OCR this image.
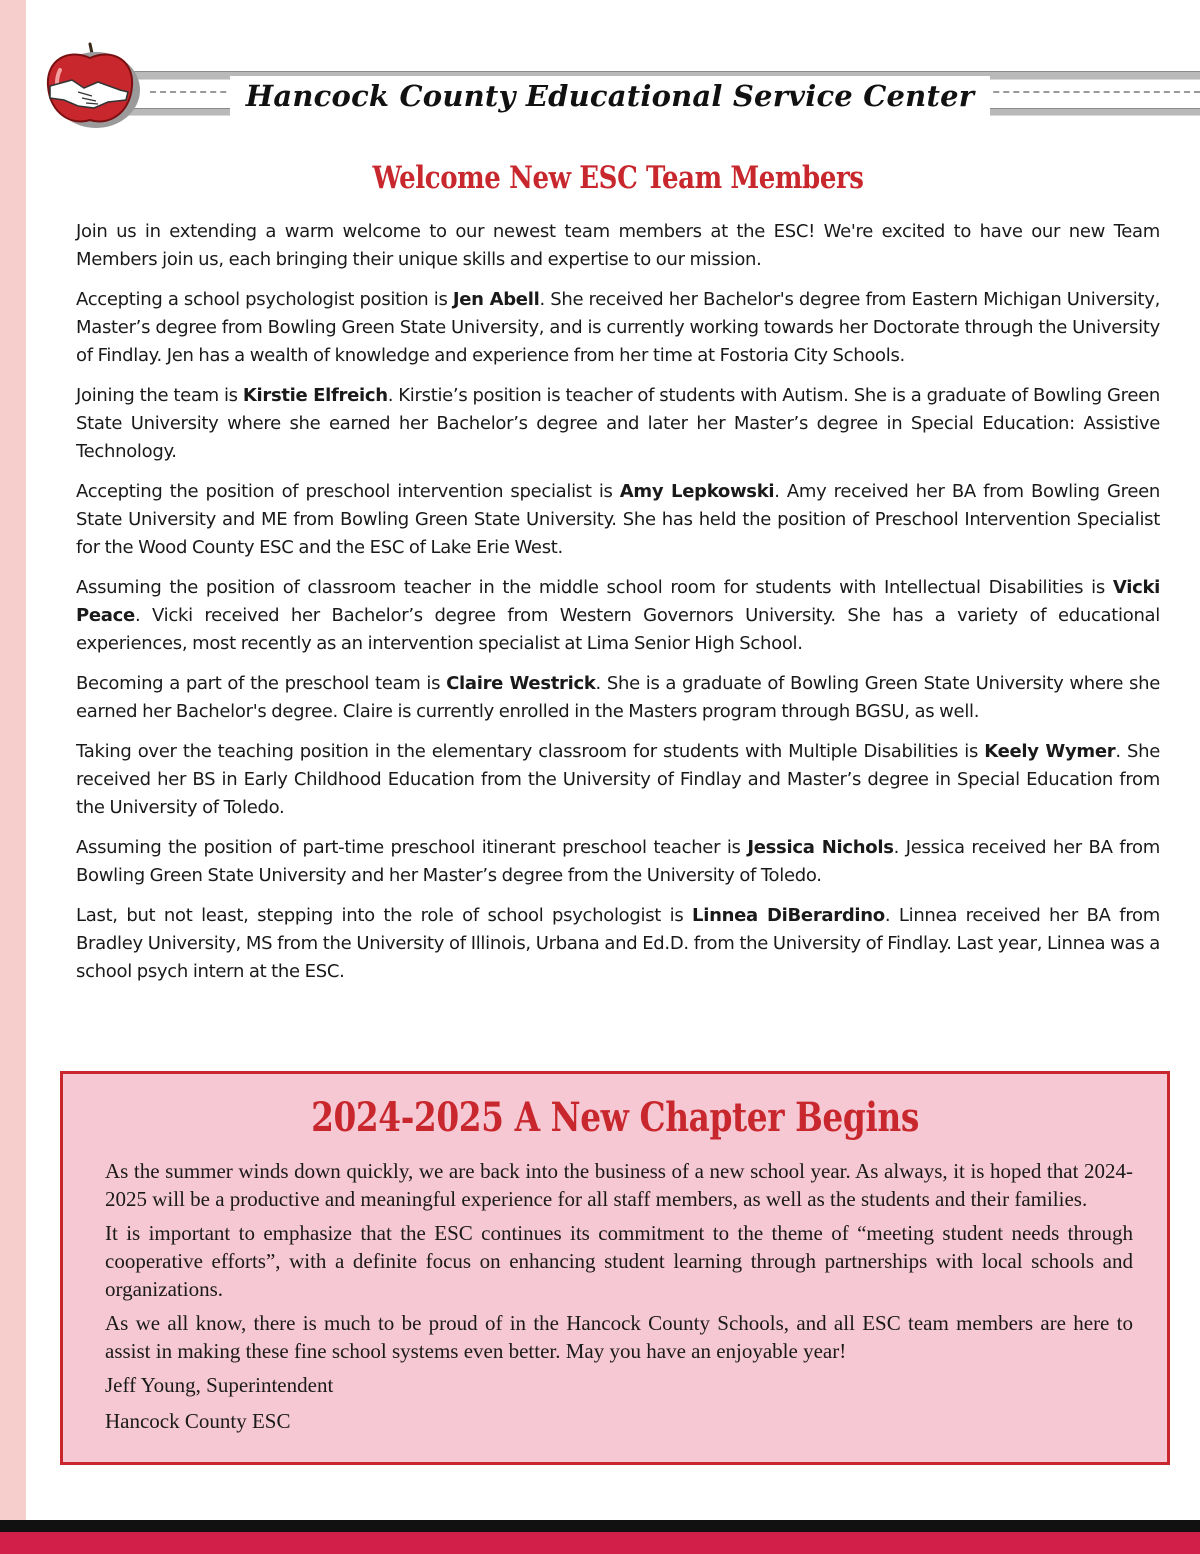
Hancock County Educational Service Center
Welcome New ESC Team Members

Join us in extending a warm welcome to our newest team members at the ESC! We're excited to have our new Team Members join us, each bringing their unique skills and expertise to our mission.

Accepting a school psychologist position is Jen Abell. She received her Bachelor's degree from Eastern Michigan University, Master’s degree from Bowling Green State University, and is currently working towards her Doctorate through the University of Findlay. Jen has a wealth of knowledge and experience from her time at Fostoria City Schools.

Joining the team is Kirstie Elfreich. Kirstie’s position is teacher of students with Autism. She is a graduate of Bowling Green State University where she earned her Bachelor’s degree and later her Master’s degree in Special Education: Assistive Technology.

Accepting the position of preschool intervention specialist is Amy Lepkowski. Amy received her BA from Bowling Green State University and ME from Bowling Green State University. She has held the position of Preschool Intervention Specialist for the Wood County ESC and the ESC of Lake Erie West.

Assuming the position of classroom teacher in the middle school room for students with Intellectual Disabilities is Vicki Peace. Vicki received her Bachelor’s degree from Western Governors University. She has a variety of educational experiences, most recently as an intervention specialist at Lima Senior High School.

Becoming a part of the preschool team is Claire Westrick. She is a graduate of Bowling Green State University where she earned her Bachelor's degree. Claire is currently enrolled in the Masters program through BGSU, as well.

Taking over the teaching position in the elementary classroom for students with Multiple Disabilities is Keely Wymer. She received her BS in Early Childhood Education from the University of Findlay and Master’s degree in Special Education from the University of Toledo.

Assuming the position of part-time preschool itinerant preschool teacher is Jessica Nichols. Jessica received her BA from Bowling Green State University and her Master’s degree from the University of Toledo.

Last, but not least, stepping into the role of school psychologist is Linnea DiBerardino. Linnea received her BA from Bradley University, MS from the University of Illinois, Urbana and Ed.D. from the University of Findlay. Last year, Linnea was a school psych intern at the ESC.

2024-2025 A New Chapter Begins

As the summer winds down quickly, we are back into the business of a new school year. As always, it is hoped that 2024-2025 will be a productive and meaningful experience for all staff members, as well as the students and their families.

It is important to emphasize that the ESC continues its commitment to the theme of “meeting student needs through cooperative efforts”, with a definite focus on enhancing student learning through partnerships with local schools and organizations.

As we all know, there is much to be proud of in the Hancock County Schools, and all ESC team members are here to assist in making these fine school systems even better. May you have an enjoyable year!

Jeff Young, Superintendent

Hancock County ESC
